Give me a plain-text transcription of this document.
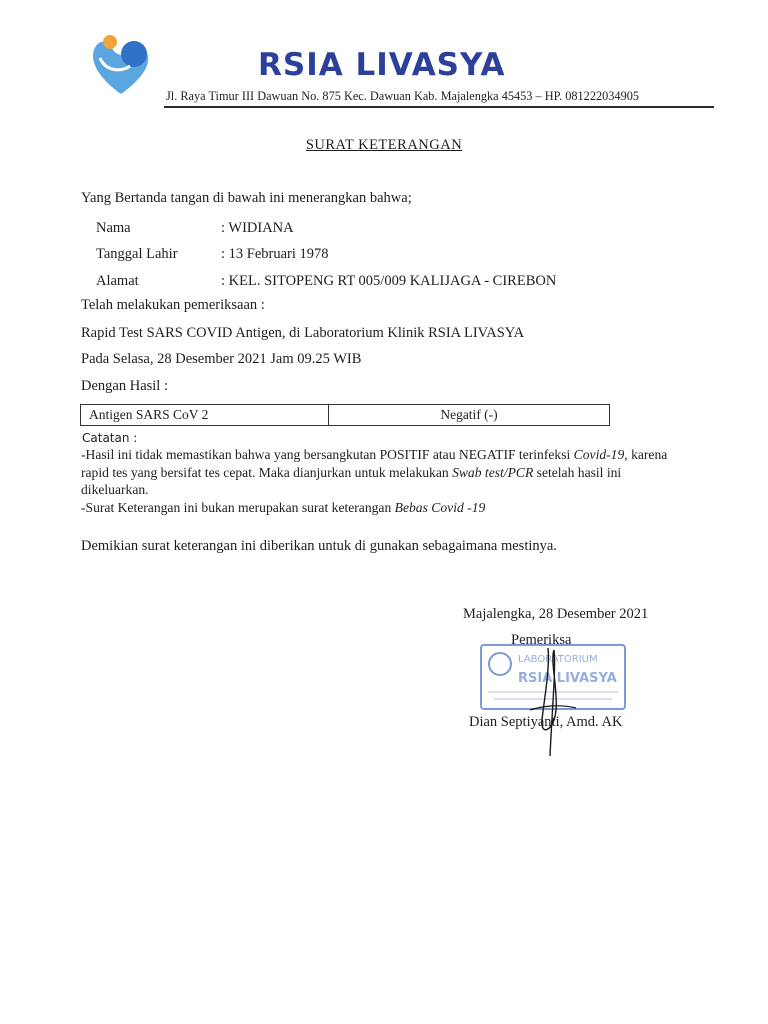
RSIA LIVASYA
Jl. Raya Timur III Dawuan No. 875 Kec. Dawuan Kab. Majalengka 45453 – HP. 081222034905
SURAT KETERANGAN
Yang Bertanda tangan di bawah ini menerangkan bahwa;
Nama	: WIDIANA
Tanggal Lahir	: 13 Februari 1978
Alamat	: KEL. SITOPENG RT 005/009 KALIJAGA - CIREBON
Telah melakukan pemeriksaan :
Rapid Test SARS COVID Antigen, di Laboratorium Klinik RSIA LIVASYA
Pada Selasa, 28 Desember 2021 Jam 09.25 WIB
Dengan Hasil :
Antigen SARS CoV 2	Negatif (-)
Catatan :

-Hasil ini tidak memastikan bahwa yang bersangkutan POSITIF atau NEGATIF terinfeksi Covid-19, karena rapid tes yang bersifat tes cepat. Maka dianjurkan untuk melakukan Swab test/PCR setelah hasil ini dikeluarkan.

-Surat Keterangan ini bukan merupakan surat keterangan Bebas Covid -19

Demikian surat keterangan ini diberikan untuk di gunakan sebagaimana mestinya.
Majalengka, 28 Desember 2021
LABORATORIUM
RSIA LIVASYA
Pemeriksa
Dian Septiyanti, Amd. AK
